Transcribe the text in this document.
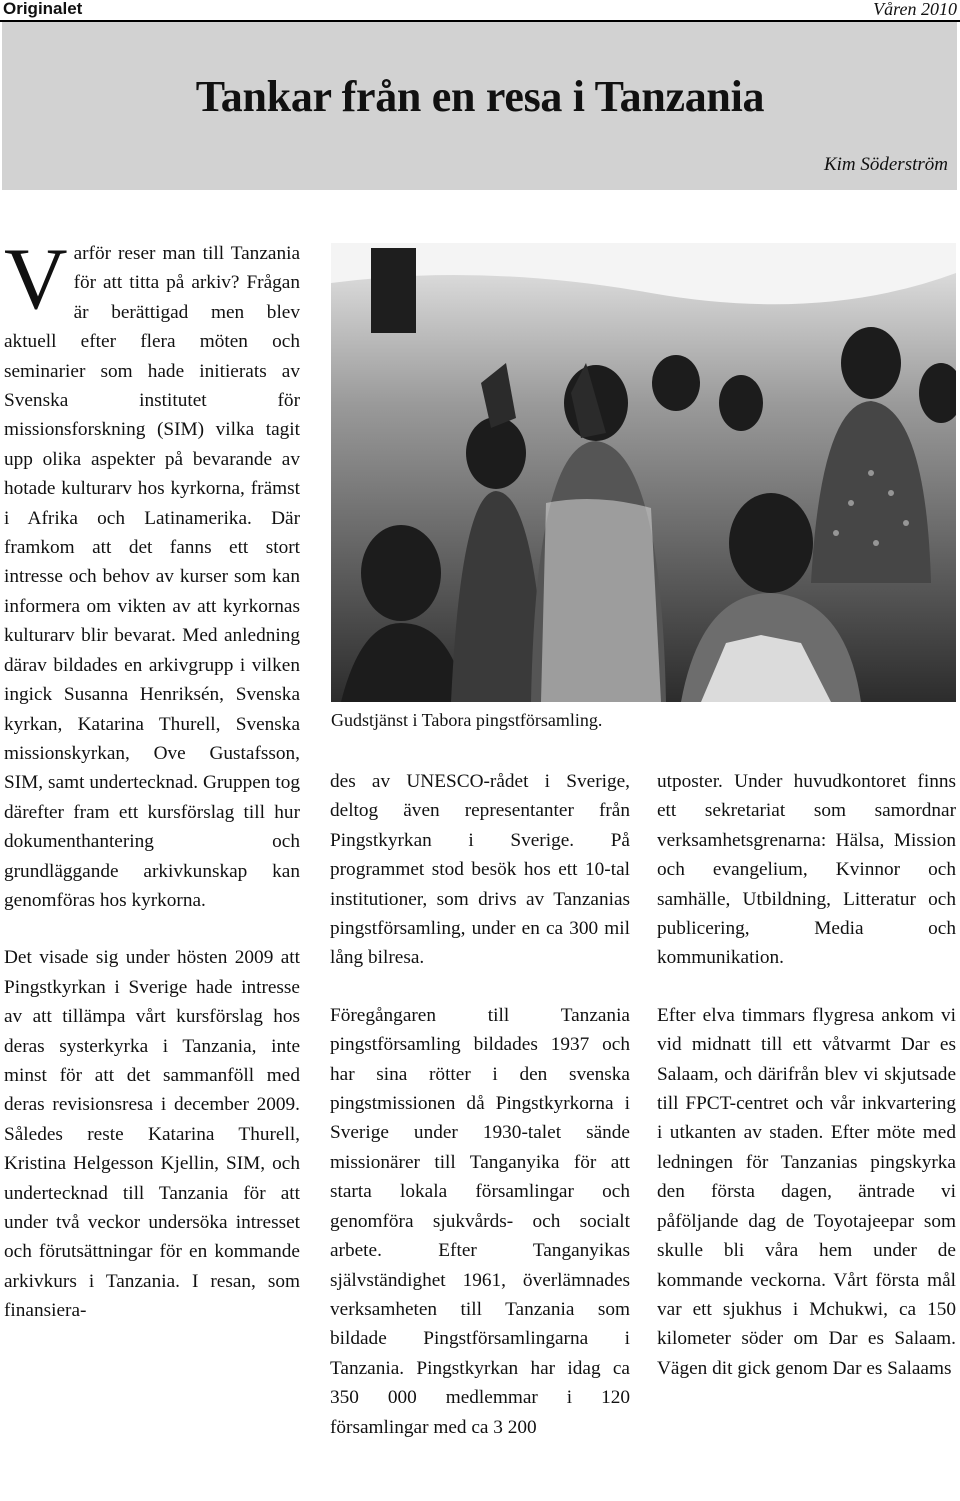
Originalet	Våren 2010
Tankar från en resa i Tanzania
Kim Söderström

Varför reser man till Tanzania för att titta på arkiv? Frågan är berättigad men blev aktuell efter flera möten och seminarier som hade initierats av Svenska institutet för missionsforskning (SIM) vilka tagit upp olika aspekter på bevarande av hotade kulturarv hos kyrkorna, främst i Afrika och Latinamerika. Där framkom att det fanns ett stort intresse och behov av kurser som kan informera om vikten av att kyrkornas kulturarv blir bevarat. Med anledning därav bildades en arkivgrupp i vilken ingick Susanna Henriksén, Svenska kyrkan, Katarina Thurell, Svenska missionskyrkan, Ove Gustafsson, SIM, samt undertecknad. Gruppen tog därefter fram ett kursförslag till hur dokumenthantering och grundläggande arkivkunskap kan genomföras hos kyrkorna.

Det visade sig under hösten 2009 att Pingstkyrkan i Sverige hade intresse av att tillämpa vårt kursförslag hos deras systerkyrka i Tanzania, inte minst för att det sammanföll med deras revisionsresa i december 2009. Således reste Katarina Thurell, Kristina Helgesson Kjellin, SIM, och undertecknad till Tanzania för att under två veckor undersöka intresset och förutsättningar för en kommande arkivkurs i Tanzania. I resan, som finansiera-

Gudstjänst i Tabora pingstförsamling.

des av UNESCO-rådet i Sverige, deltog även representanter från Pingstkyrkan i Sverige. På programmet stod besök hos ett 10-tal institutioner, som drivs av Tanzanias pingstförsamling, under en ca 300 mil lång bilresa.

Föregångaren till Tanzania pingstförsamling bildades 1937 och har sina rötter i den svenska pingstmissionen då Pingstkyrkorna i Sverige under 1930-talet sände missionärer till Tanganyika för att starta lokala församlingar och genomföra sjukvårds- och socialt arbete. Efter Tanganyikas självständighet 1961, överlämnades verksamheten till Tanzania som bildade Pingstförsamlingarna i Tanzania. Pingstkyrkan har idag ca 350 000 medlemmar i 120 församlingar med ca 3 200

utposter. Under huvudkontoret finns ett sekretariat som samordnar verksamhetsgrenarna: Hälsa, Mission och evangelium, Kvinnor och samhälle, Utbildning, Litteratur och publicering, Media och kommunikation.

Efter elva timmars flygresa ankom vi vid midnatt till ett våtvarmt Dar es Salaam, och därifrån blev vi skjutsade till FPCT-centret och vår inkvartering i utkanten av staden. Efter möte med ledningen för Tanzanias pingskyrka den första dagen, äntrade vi påföljande dag de Toyotajeepar som skulle bli våra hem under de kommande veckorna. Vårt första mål var ett sjukhus i Mchukwi, ca 150 kilometer söder om Dar es Salaam. Vägen dit gick genom Dar es Salaams
